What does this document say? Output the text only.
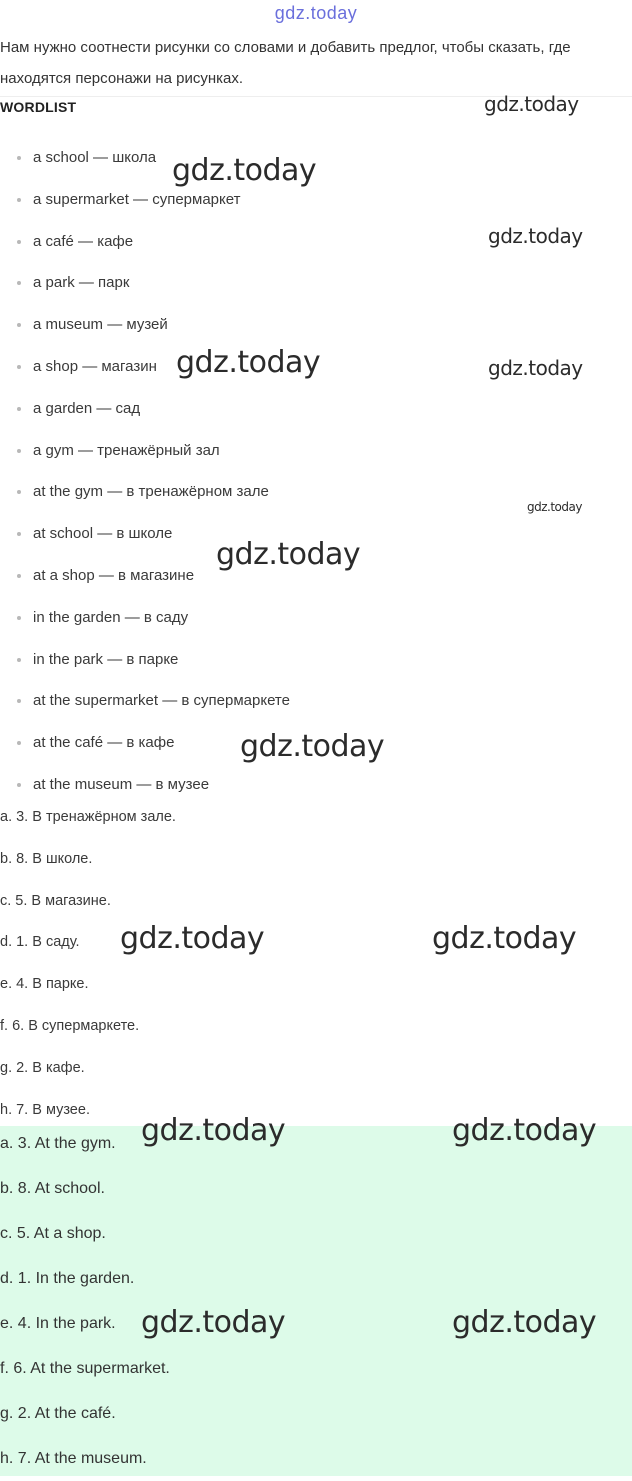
gdz.today
Нам нужно соотнести рисунки со словами и добавить предлог, чтобы сказать, где находятся персонажи на рисунках.
WORDLIST
a school — школа
a supermarket — супермаркет
a café — кафе
a park — парк
a museum — музей
a shop — магазин
a garden — сад
a gym — тренажёрный зал
at the gym — в тренажёрном зале
at school — в школе
at a shop — в магазине
in the garden — в саду
in the park — в парке
at the supermarket — в супермаркете
at the café — в кафе
at the museum — в музее
a. 3. В тренажёрном зале.
b. 8. В школе.
c. 5. В магазине.
d. 1. В саду.
e. 4. В парке.
f. 6. В супермаркете.
g. 2. В кафе.
h. 7. В музее.
a. 3. At the gym.
b. 8. At school.
c. 5. At a shop.
d. 1. In the garden.
e. 4. In the park.
f. 6. At the supermarket.
g. 2. At the café.
h. 7. At the museum.
gdz.today
gdz.today
gdz.today
gdz.today	gdz.today
gdz.today
gdz.today
gdz.today
gdz.today	gdz.today
gdz.today	gdz.today
gdz.today	gdz.today
